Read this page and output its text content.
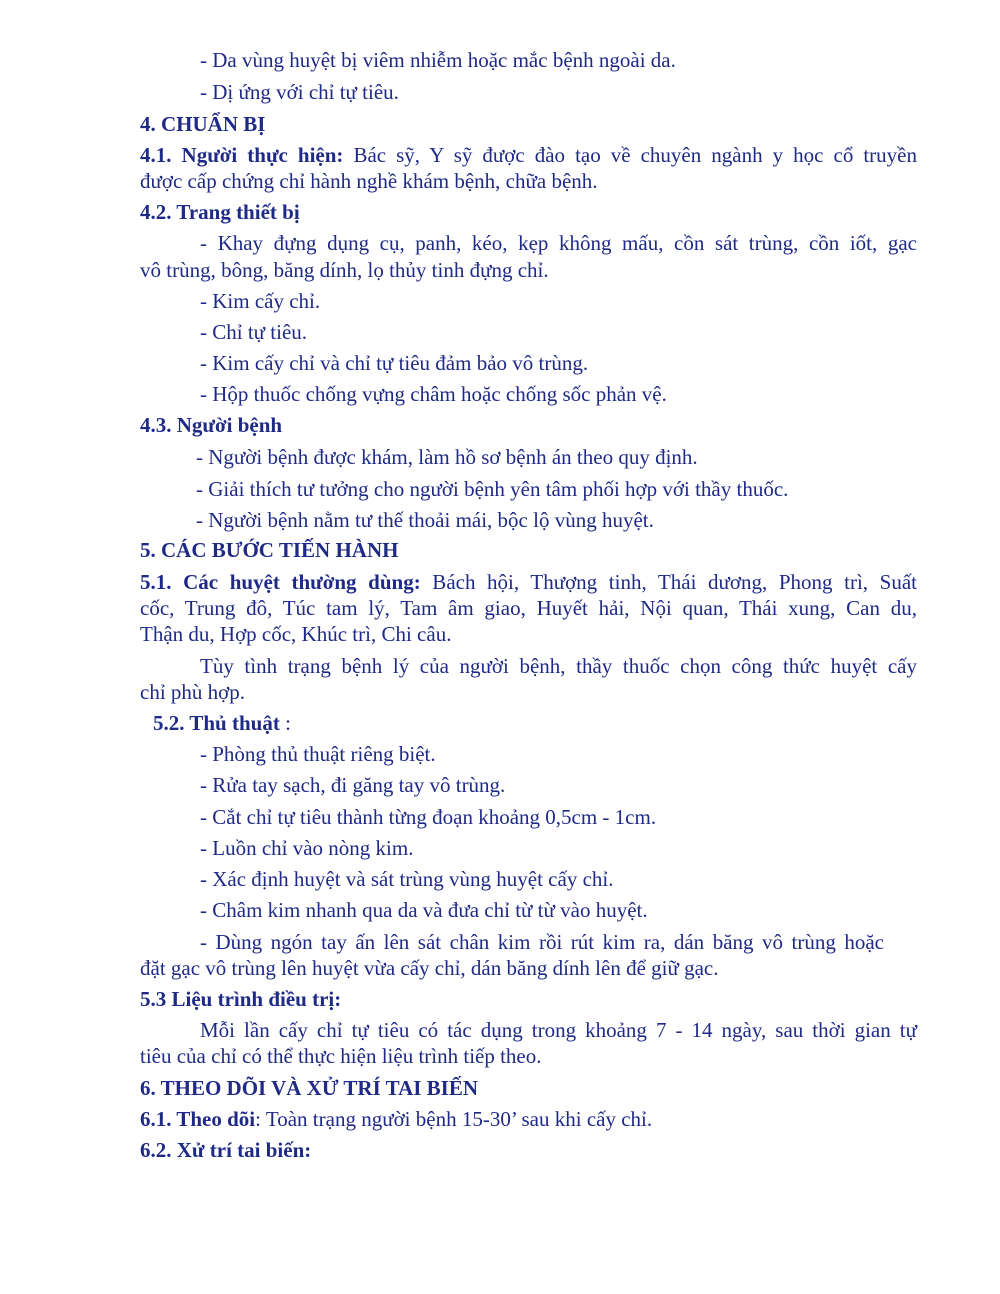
- Da vùng huyệt bị viêm nhiễm hoặc mắc bệnh ngoài da.
- Dị ứng với chỉ tự tiêu.
4. CHUẨN BỊ
4.1. Người thực hiện: Bác sỹ, Y sỹ được đào tạo về chuyên ngành y học cổ truyền
được cấp chứng chỉ hành nghề khám bệnh, chữa bệnh.
4.2. Trang thiết bị
- Khay đựng dụng cụ, panh, kéo, kẹp không mấu, cồn sát trùng, cồn iốt, gạc
vô trùng, bông, băng dính, lọ thủy tinh đựng chỉ.
- Kim cấy chỉ.
- Chỉ tự tiêu.
- Kim cấy chỉ và chỉ tự tiêu đảm bảo vô trùng.
- Hộp thuốc chống vựng châm hoặc chống sốc phản vệ.
4.3. Người bệnh
- Người bệnh được khám, làm hồ sơ bệnh án theo quy định.
- Giải thích tư tưởng cho người bệnh yên tâm phối hợp với thầy thuốc.
- Người bệnh nằm tư thế thoải mái, bộc lộ vùng huyệt.
5. CÁC BƯỚC TIẾN HÀNH
5.1. Các huyệt thường dùng: Bách hội, Thượng tinh, Thái dương, Phong trì, Suất
cốc, Trung đô, Túc tam lý, Tam âm giao, Huyết hải, Nội quan, Thái xung, Can du,
Thận du, Hợp cốc, Khúc trì, Chi câu.
Tùy tình trạng bệnh lý của người bệnh, thầy thuốc chọn công thức huyệt cấy
chỉ phù hợp.
5.2. Thủ thuật :
- Phòng thủ thuật riêng biệt.
- Rửa tay sạch, đi găng tay vô trùng.
- Cắt chỉ tự tiêu thành từng đoạn khoảng 0,5cm - 1cm.
- Luồn chỉ vào nòng kim.
- Xác định huyệt và sát trùng vùng huyệt cấy chỉ.
- Châm kim nhanh qua da và đưa chỉ từ từ vào huyệt.
- Dùng ngón tay ấn lên sát chân kim rồi rút kim ra, dán băng vô trùng hoặc
đặt gạc vô trùng lên huyệt vừa cấy chỉ, dán băng dính lên để giữ gạc.
5.3 Liệu trình điều trị:
Mỗi lần cấy chỉ tự tiêu có tác dụng trong khoảng 7 - 14 ngày, sau thời gian tự
tiêu của chỉ có thể thực hiện liệu trình tiếp theo.
6. THEO DÕI VÀ XỬ TRÍ TAI BIẾN
6.1. Theo dõi: Toàn trạng người bệnh 15-30’ sau khi cấy chỉ.
6.2. Xử trí tai biến:
